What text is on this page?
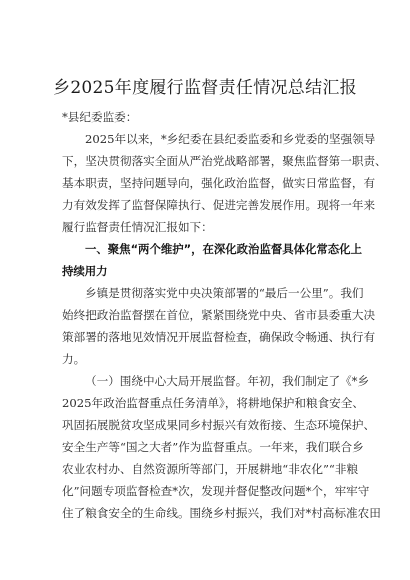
乡2025年度履行监督责任情况总结汇报
*县纪委监委：
2025年以来，*乡纪委在县纪委监委和乡党委的坚强领导
下，坚决贯彻落实全面从严治党战略部署，聚焦监督第一职责、
基本职责，坚持问题导向，强化政治监督，做实日常监督，有
力有效发挥了监督保障执行、促进完善发展作用。现将一年来
履行监督责任情况汇报如下：
一、聚焦“两个维护”，在深化政治监督具体化常态化上
持续用力
乡镇是贯彻落实党中央决策部署的“最后一公里”。我们
始终把政治监督摆在首位，紧紧围绕党中央、省市县委重大决
策部署的落地见效情况开展监督检查，确保政令畅通、执行有
力。
（一）围绕中心大局开展监督。年初，我们制定了《*乡
2025年政治监督重点任务清单》，将耕地保护和粮食安全、
巩固拓展脱贫攻坚成果同乡村振兴有效衔接、生态环境保护、
安全生产等“国之大者”作为监督重点。一年来，我们联合乡
农业农村办、自然资源所等部门，开展耕地“非农化”“非粮
化”问题专项监督检查*次，发现并督促整改问题*个，牢牢守
住了粮食安全的生命线。围绕乡村振兴，我们对*村高标准农田
